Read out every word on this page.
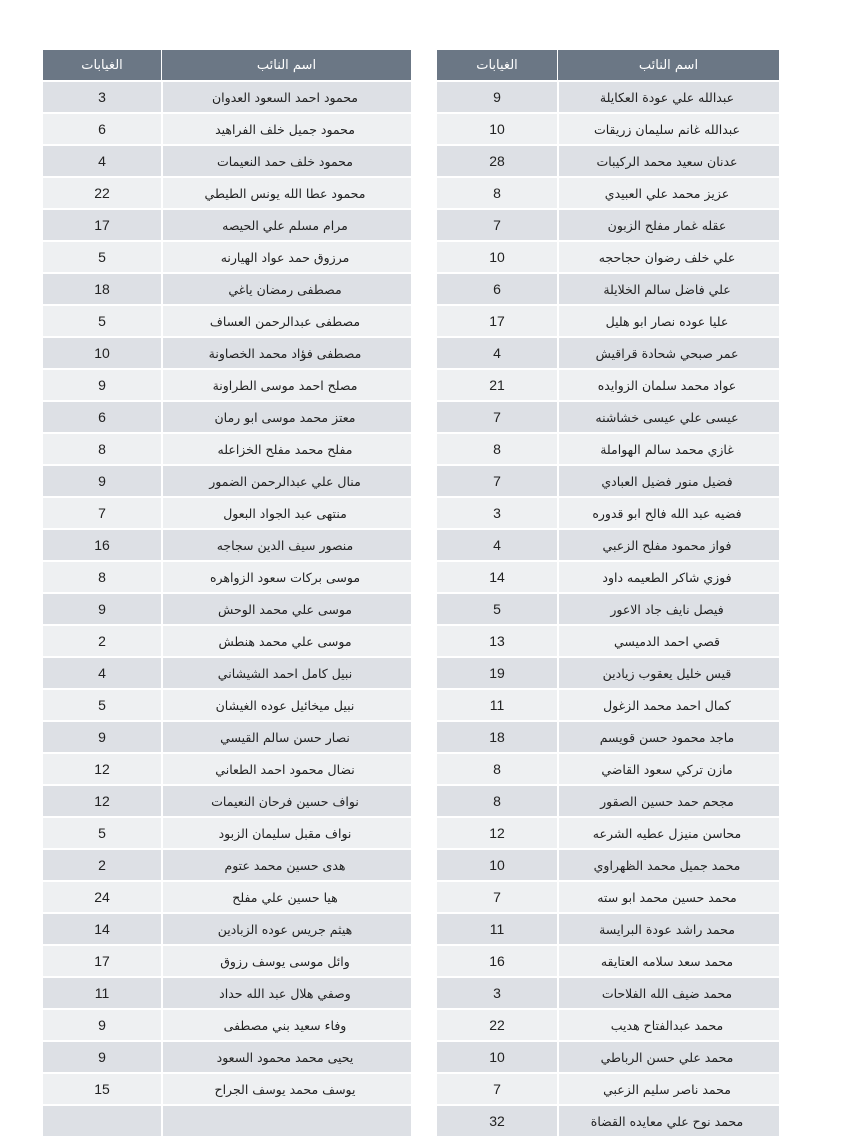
الغيابات	اسم النائب
9	عبدالله علي عودة العكايلة
10	عبدالله غانم سليمان زريقات
28	عدنان سعيد محمد الركيبات
8	عزيز محمد علي العبيدي
7	عقله غمار مفلح الزبون
10	علي خلف رضوان حجاحجه
6	علي فاضل سالم الخلايلة
17	عليا عوده نصار ابو هليل
4	عمر صبحي شحادة قراقيش
21	عواد محمد سلمان الزوايده
7	عيسى علي عيسى خشاشنه
8	غازي محمد سالم الهواملة
7	فضيل منور فضيل العبادي
3	فضيه عبد الله فالح ابو قدوره
4	فواز محمود مفلح الزعبي
14	فوزي شاكر الطعيمه داود
5	فيصل نايف جاد الاعور
13	قصي احمد الدميسي
19	قيس خليل يعقوب زيادين
11	كمال احمد محمد الزغول
18	ماجد محمود حسن قويسم
8	مازن تركي سعود القاضي
8	مجحم حمد حسين الصقور
12	محاسن منيزل عطيه الشرعه
10	محمد جميل محمد الظهراوي
7	محمد حسين محمد ابو سته
11	محمد راشد عودة البرايسة
16	محمد سعد سلامه العتايقه
3	محمد ضيف الله الفلاحات
22	محمد عبدالفتاح هديب
10	محمد علي حسن الرباطي
7	محمد ناصر سليم الزعبي
32	محمد نوح علي معايده القضاة
الغيابات	اسم النائب
3	محمود احمد السعود العدوان
6	محمود جميل خلف الفراهيد
4	محمود خلف حمد النعيمات
22	محمود عطا الله يونس الطيطي
17	مرام مسلم علي الحيصه
5	مرزوق حمد عواد الهيارنه
18	مصطفى رمضان ياغي
5	مصطفى عبدالرحمن العساف
10	مصطفى فؤاد محمد الخصاونة
9	مصلح احمد موسى الطراونة
6	معتز محمد موسى ابو رمان
8	مفلح محمد مفلح الخزاعله
9	منال علي عبدالرحمن الضمور
7	منتهى عبد الجواد البعول
16	منصور سيف الدين سجاجه
8	موسى بركات سعود الزواهره
9	موسى علي محمد الوحش
2	موسى علي محمد هنطش
4	نبيل كامل احمد الشيشاني
5	نبيل ميخائيل عوده الغيشان
9	نصار حسن سالم القيسي
12	نضال محمود احمد الطعاني
12	نواف حسين فرحان النعيمات
5	نواف مقبل سليمان الزبود
2	هدى حسين محمد عتوم
24	هيا حسين علي مفلح
14	هيثم جريس عوده الزبادين
17	وائل موسى يوسف رزوق
11	وصفي هلال عبد الله حداد
9	وفاء سعيد بني مصطفى
9	يحيى محمد محمود السعود
15	يوسف محمد يوسف الجراح
